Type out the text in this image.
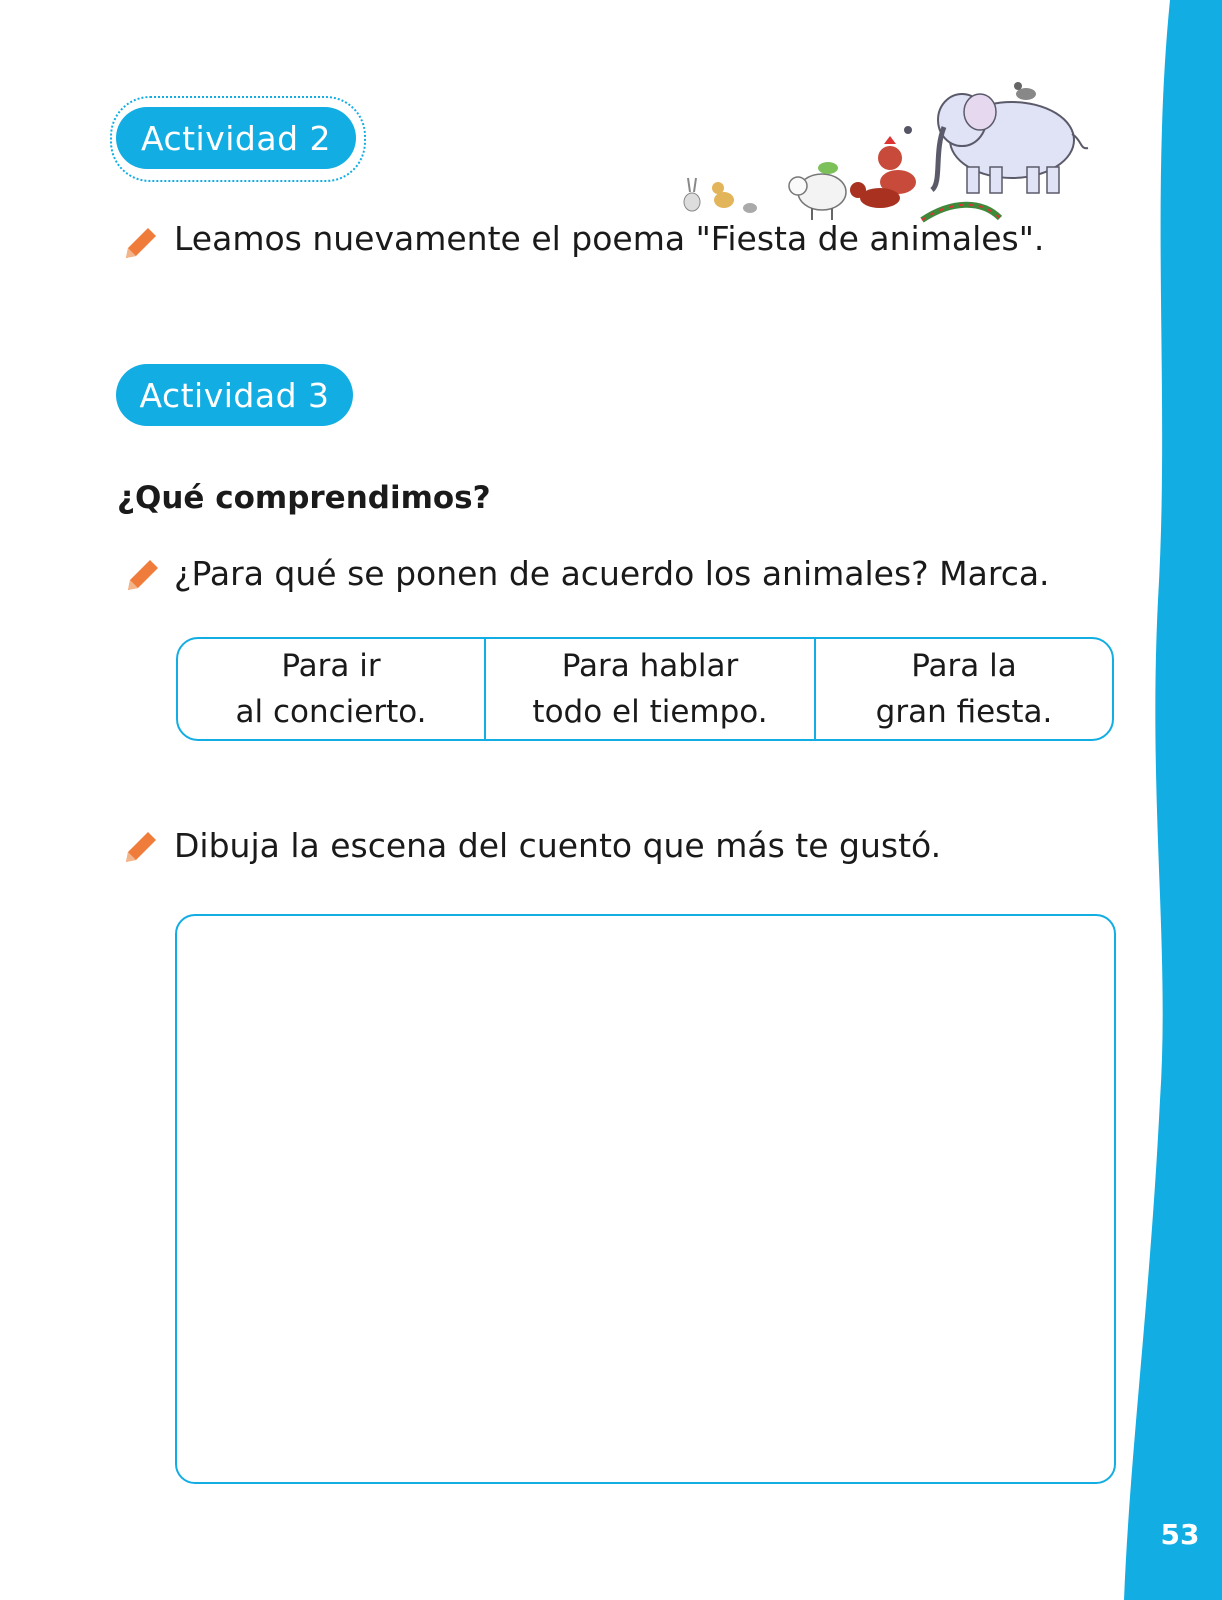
Actividad 2
Leamos nuevamente el poema "Fiesta de animales".
Actividad 3
¿Qué comprendimos?
¿Para qué se ponen de acuerdo los animales? Marca.
Para ir
al concierto.
Para hablar
todo el tiempo.
Para la
gran fiesta.
Dibuja la escena del cuento que más te gustó.
53
